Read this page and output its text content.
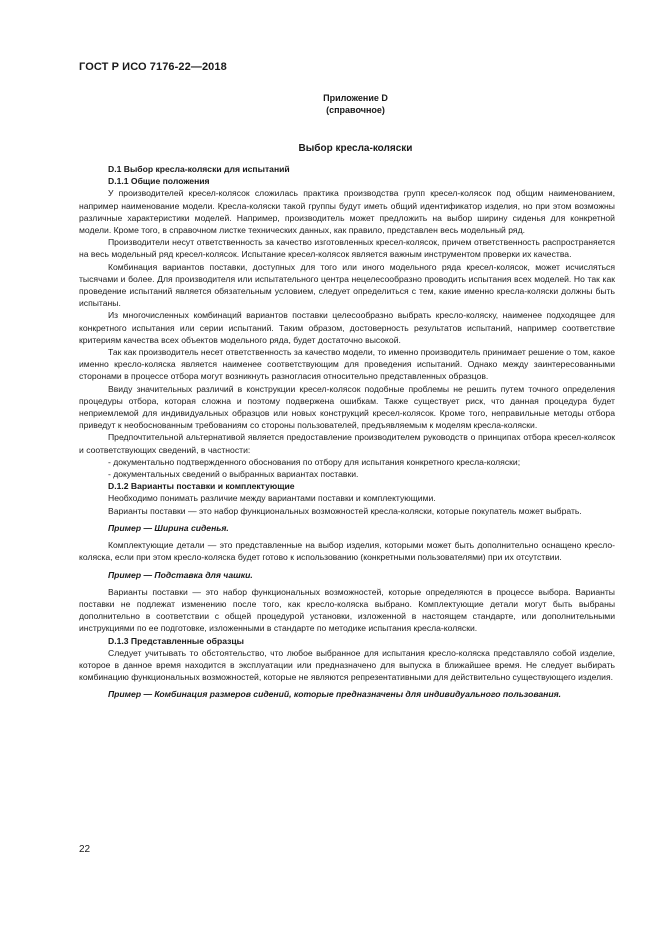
ГОСТ Р ИСО 7176-22—2018
Приложение D
(справочное)
Выбор кресла-коляски

D.1 Выбор кресла-коляски для испытаний

D.1.1 Общие положения

У производителей кресел-колясок сложилась практика производства групп кресел-колясок под общим наименованием, например наименование модели. Кресла-коляски такой группы будут иметь общий идентификатор изделия, но при этом возможны различные характеристики моделей. Например, производитель может предложить на выбор ширину сиденья для конкретной модели. Кроме того, в справочном листке технических данных, как правило, представлен весь модельный ряд.

Производители несут ответственность за качество изготовленных кресел-колясок, причем ответственность распространяется на весь модельный ряд кресел-колясок. Испытание кресел-колясок является важным инструментом проверки их качества.

Комбинация вариантов поставки, доступных для того или иного модельного ряда кресел-колясок, может исчисляться тысячами и более. Для производителя или испытательного центра нецелесообразно проводить испытания всех моделей. Но так как проведение испытаний является обязательным условием, следует определиться с тем, какие именно кресла-коляски должны быть испытаны.

Из многочисленных комбинаций вариантов поставки целесообразно выбрать кресло-коляску, наименее подходящее для конкретного испытания или серии испытаний. Таким образом, достоверность результатов испытаний, например соответствие критериям качества всех объектов модельного ряда, будет достаточно высокой.

Так как производитель несет ответственность за качество модели, то именно производитель принимает решение о том, какое именно кресло-коляска является наименее соответствующим для проведения испытаний. Однако между заинтересованными сторонами в процессе отбора могут возникнуть разногласия относительно представленных образцов.

Ввиду значительных различий в конструкции кресел-колясок подобные проблемы не решить путем точного определения процедуры отбора, которая сложна и поэтому подвержена ошибкам. Также существует риск, что данная процедура будет неприемлемой для индивидуальных образцов или новых конструкций кресел-колясок. Кроме того, неправильные методы отбора приведут к необоснованным требованиям со стороны пользователей, предъявляемым к моделям кресла-коляски.

Предпочтительной альтернативой является предоставление производителем руководств о принципах отбора кресел-колясок и соответствующих сведений, в частности:

- документально подтвержденного обоснования по отбору для испытания конкретного кресла-коляски;

- документальных сведений о выбранных вариантах поставки.

D.1.2 Варианты поставки и комплектующие

Необходимо понимать различие между вариантами поставки и комплектующими.

Варианты поставки — это набор функциональных возможностей кресла-коляски, которые покупатель может выбрать.

Пример — Ширина сиденья.

Комплектующие детали — это представленные на выбор изделия, которыми может быть дополнительно оснащено кресло-коляска, если при этом кресло-коляска будет готово к использованию (конкретными пользователями) при их отсутствии.

Пример — Подставка для чашки.

Варианты поставки — это набор функциональных возможностей, которые определяются в процессе выбора. Варианты поставки не подлежат изменению после того, как кресло-коляска выбрано. Комплектующие детали могут быть выбраны дополнительно в соответствии с общей процедурой установки, изложенной в настоящем стандарте, или дополнительными инструкциями по ее подготовке, изложенными в стандарте по методике испытания кресла-коляски.

D.1.3 Представленные образцы

Следует учитывать то обстоятельство, что любое выбранное для испытания кресло-коляска представляло собой изделие, которое в данное время находится в эксплуатации или предназначено для выпуска в ближайшее время. Не следует выбирать комбинацию функциональных возможностей, которые не являются репрезентативными для действительно существующего изделия.

Пример — Комбинация размеров сидений, которые предназначены для индивидуального пользования.

22
